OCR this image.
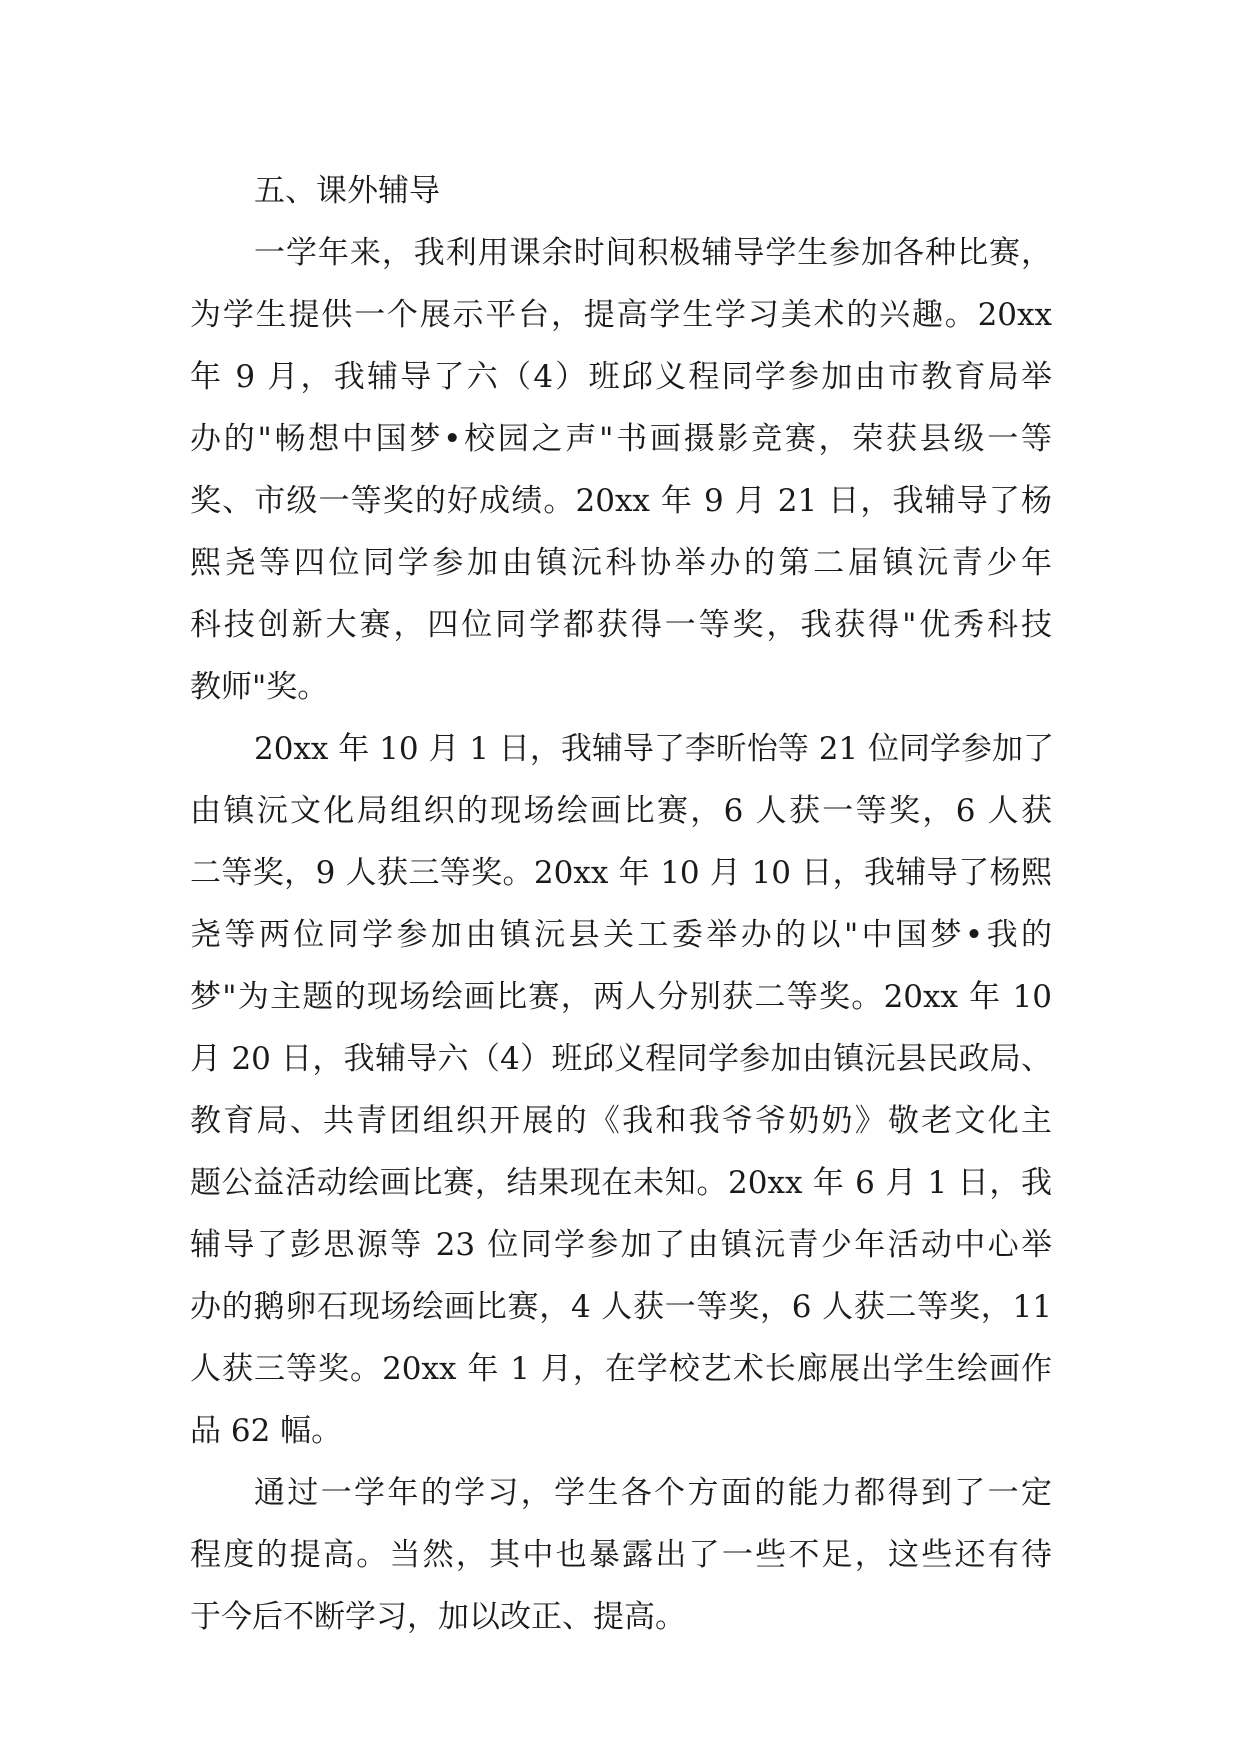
五、课外辅导
一学年来，我利用课余时间积极辅导学生参加各种比赛，
为学生提供一个展示平台，提高学生学习美术的兴趣。20xx
年 9 月，我辅导了六（4）班邱义程同学参加由市教育局举
办的"畅想中国梦•校园之声"书画摄影竞赛，荣获县级一等
奖、市级一等奖的好成绩。20xx 年 9 月 21 日，我辅导了杨
熙尧等四位同学参加由镇沅科协举办的第二届镇沅青少年
科技创新大赛，四位同学都获得一等奖，我获得"优秀科技
教师"奖。
20xx 年 10 月 1 日，我辅导了李昕怡等 21 位同学参加了
由镇沅文化局组织的现场绘画比赛，6 人获一等奖，6 人获
二等奖，9 人获三等奖。20xx 年 10 月 10 日，我辅导了杨熙
尧等两位同学参加由镇沅县关工委举办的以"中国梦•我的
梦"为主题的现场绘画比赛，两人分别获二等奖。20xx 年 10
月 20 日，我辅导六（4）班邱义程同学参加由镇沅县民政局、
教育局、共青团组织开展的《我和我爷爷奶奶》敬老文化主
题公益活动绘画比赛，结果现在未知。20xx 年 6 月 1 日，我
辅导了彭思源等 23 位同学参加了由镇沅青少年活动中心举
办的鹅卵石现场绘画比赛，4 人获一等奖，6 人获二等奖，11
人获三等奖。20xx 年 1 月，在学校艺术长廊展出学生绘画作
品 62 幅。
通过一学年的学习，学生各个方面的能力都得到了一定
程度的提高。当然，其中也暴露出了一些不足，这些还有待
于今后不断学习，加以改正、提高。
